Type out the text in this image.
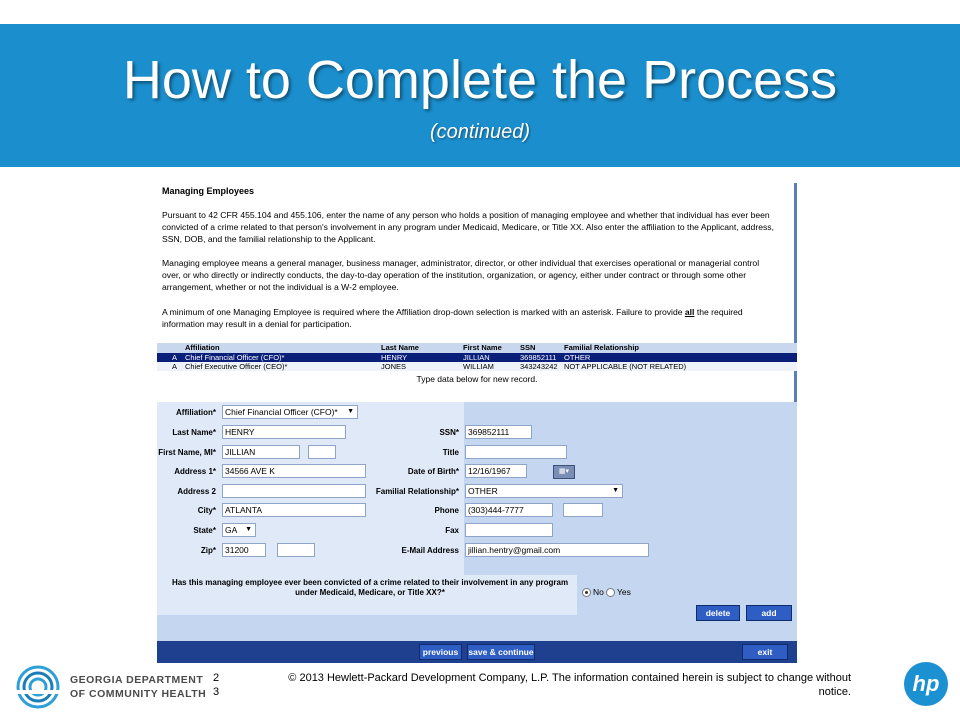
How to Complete the Process
(continued)
Managing Employees
Pursuant to 42 CFR 455.104 and 455.106, enter the name of any person who holds a position of managing employee and whether that individual has ever been convicted of a crime related to that person's involvement in any program under Medicaid, Medicare, or Title XX. Also enter the affiliation to the Applicant, address, SSN, DOB, and the familial relationship to the Applicant.
Managing employee means a general manager, business manager, administrator, director, or other individual that exercises operational or managerial control over, or who directly or indirectly conducts, the day-to-day operation of the institution, organization, or agency, either under contract or through some other arrangement, whether or not the individual is a W-2 employee.
A minimum of one Managing Employee is required where the Affiliation drop-down selection is marked with an asterisk. Failure to provide all the required information may result in a denial for participation.
Affiliation	Last Name	First Name SSN	Familial Relationship
A Chief Financial Officer (CFO)*	HENRY	JILLIAN	369852111 OTHER
A Chief Executive Officer (CEO)*	JONES	WILLIAM	343243242 NOT APPLICABLE (NOT RELATED)
Type data below for new record.
Affiliation*	Chief Financial Officer (CFO)* ▼
Last Name*	HENRY
First Name, MI*	JILLIAN
Address 1*	34566 AVE K
Address 2
City*	ATLANTA
State*	GA ▼
Zip*	31200
SSN*	369852111
Title
Date of Birth*	12/16/1967
Familial Relationship*	OTHER	▼
Phone	(303)444-7777
Fax
E-Mail Address	jillian.hentry@gmail.com
Has this managing employee ever been convicted of a crime related to their involvement in any program under Medicaid, Medicare, or Title XX?*	No Yes
delete	add
previous	save & continue	exit
▦▾
GEORGIA DEPARTMENT
OF COMMUNITY HEALTH
2
3
© 2013 Hewlett-Packard Development Company, L.P. The information contained herein is subject to change without
notice.	hp
